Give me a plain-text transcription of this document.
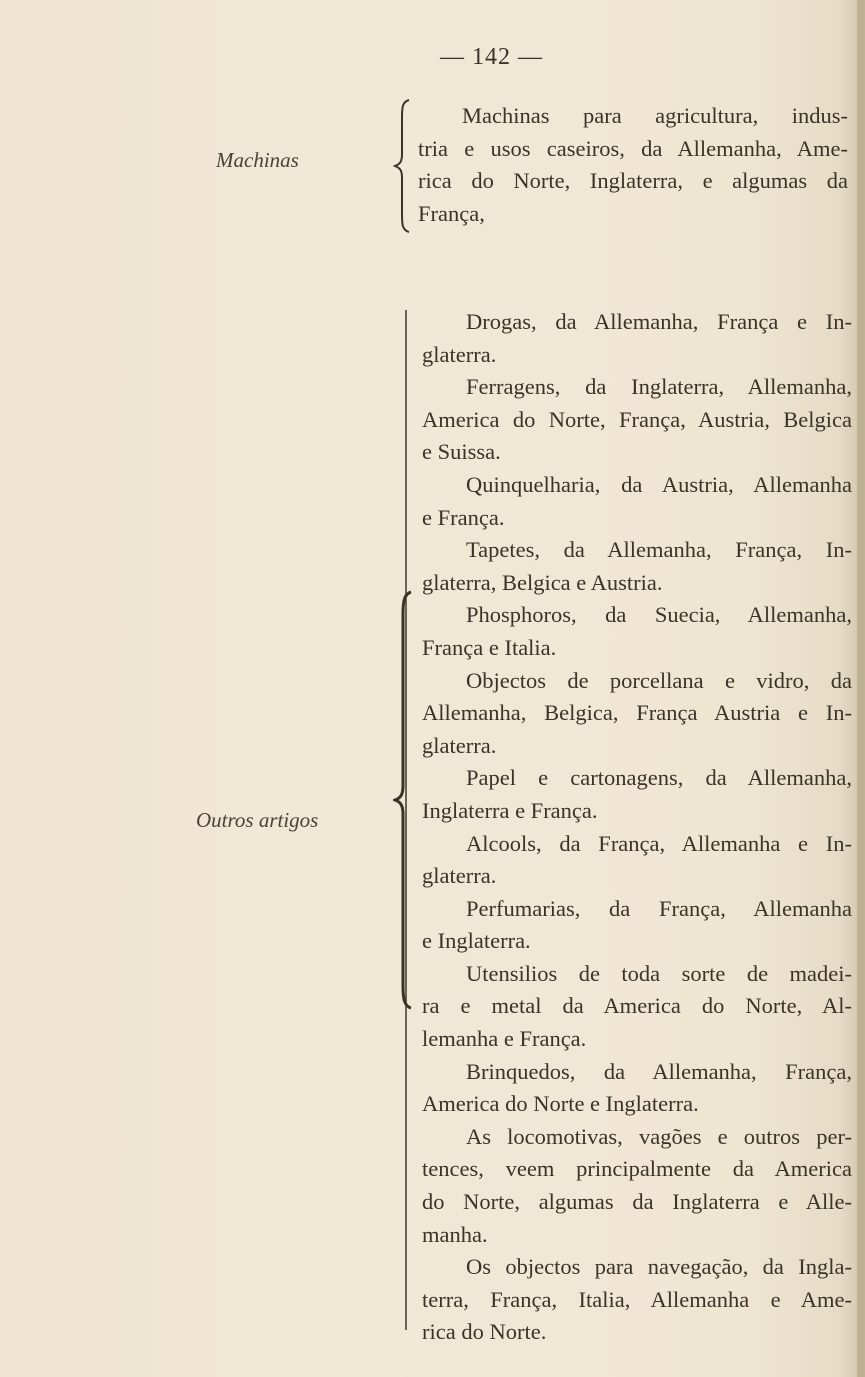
— 142 —
Machinas
Machinas para agricultura, indus-
tria e usos caseiros, da Allemanha, Ame-
rica do Norte, Inglaterra, e algumas da
França,
Outros artigos
Drogas, da Allemanha, França e In-
glaterra.
Ferragens, da Inglaterra, Allemanha,
America do Norte, França, Austria, Belgica
e Suissa.
Quinquelharia, da Austria, Allemanha
e França.
Tapetes, da Allemanha, França, In-
glaterra, Belgica e Austria.
Phosphoros, da Suecia, Allemanha,
França e Italia.
Objectos de porcellana e vidro, da
Allemanha, Belgica, França Austria e In-
glaterra.
Papel e cartonagens, da Allemanha,
Inglaterra e França.
Alcools, da França, Allemanha e In-
glaterra.
Perfumarias, da França, Allemanha
e Inglaterra.
Utensilios de toda sorte de madei-
ra e metal da America do Norte, Al-
lemanha e França.
Brinquedos, da Allemanha, França,
America do Norte e Inglaterra.
As locomotivas, vagões e outros per-
tences, veem principalmente da America
do Norte, algumas da Inglaterra e Alle-
manha.
Os objectos para navegação, da Ingla-
terra, França, Italia, Allemanha e Ame-
rica do Norte.
